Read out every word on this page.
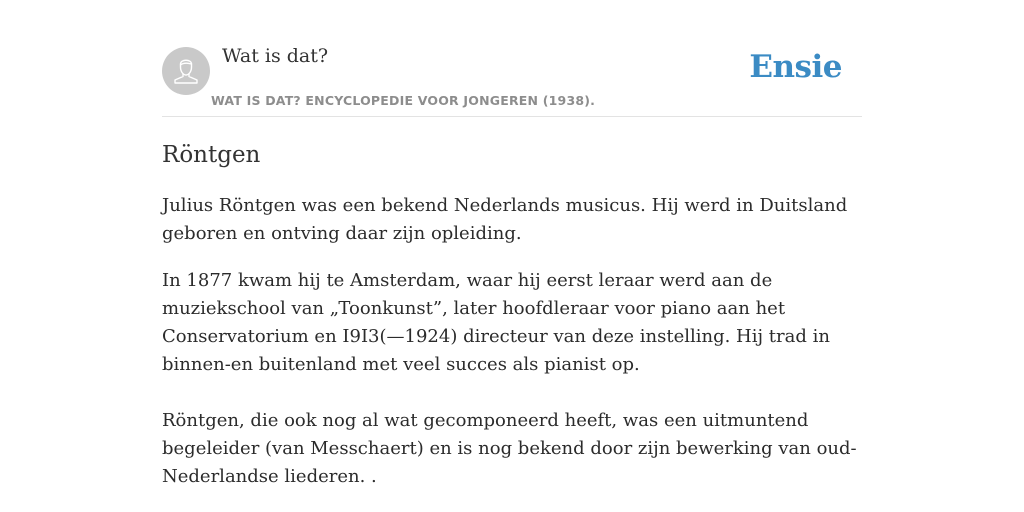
Wat is dat?
WAT IS DAT? ENCYCLOPEDIE VOOR JONGEREN (1938).
Ensie
Röntgen

Julius Röntgen was een bekend Nederlands musicus. Hij werd in Duitsland geboren en ontving daar zijn opleiding.

In 1877 kwam hij te Amsterdam, waar hij eerst leraar werd aan de muziekschool van „Toonkunst”, later hoofdleraar voor piano aan het Conservatorium en I9I3(—1924) directeur van deze instelling. Hij trad in binnen-en buitenland met veel succes als pianist op.

Röntgen, die ook nog al wat gecomponeerd heeft, was een uitmuntend begeleider (van Messchaert) en is nog bekend door zijn bewerking van oud-Nederlandse liederen. .
